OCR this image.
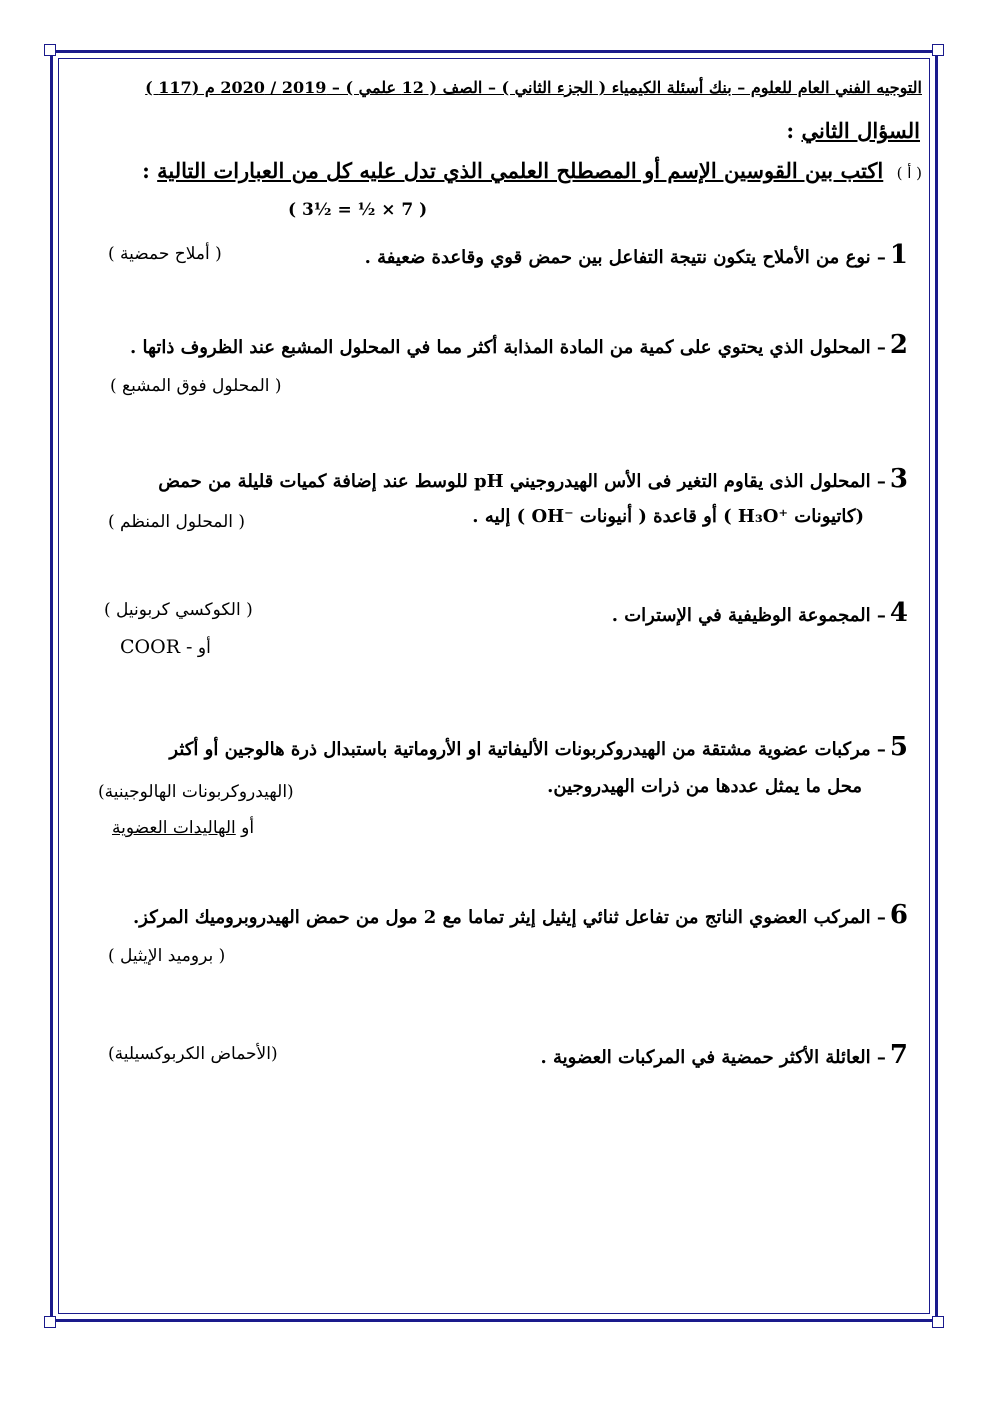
التوجيه الفني العام للعلوم – بنك أسئلة الكيمياء ( الجزء الثاني ) – الصف ( 12 علمي ) – 2019 / 2020 م (117 )
السؤال الثاني :
( أ ) اكتب بين القوسين الإسم أو المصطلح العلمي الذي تدل عليه كل من العبارات التالية :
( 3½ = ½ × 7 )
1– نوع من الأملاح يتكون نتيجة التفاعل بين حمض قوي وقاعدة ضعيفة .
( أملاح حمضية )
2– المحلول الذي يحتوي على كمية من المادة المذابة أكثر مما في المحلول المشبع عند الظروف ذاتها .
( المحلول فوق المشبع )
3– المحلول الذى يقاوم التغير فى الأس الهيدروجيني pH للوسط عند إضافة كميات قليلة من حمض
(كاتيونات H₃O⁺ ) أو قاعدة ( أنيونات OH⁻ ) إليه .
( المحلول المنظم )
4– المجموعة الوظيفية في الإسترات .
( الكوكسي كربونيل )
أو COOR -
5– مركبات عضوية مشتقة من الهيدروكربونات الأليفاتية او الأروماتية باستبدال ذرة هالوجين أو أكثر
محل ما يمثل عددها من ذرات الهيدروجين.
(الهيدروكربونات الهالوجينية)
أو الهاليدات العضوية
6– المركب العضوي الناتج من تفاعل ثنائي إيثيل إيثر تماما مع 2 مول من حمض الهيدروبروميك المركز.
( بروميد الإيثيل )
7– العائلة الأكثر حمضية في المركبات العضوية .
(الأحماض الكربوكسيلية)
